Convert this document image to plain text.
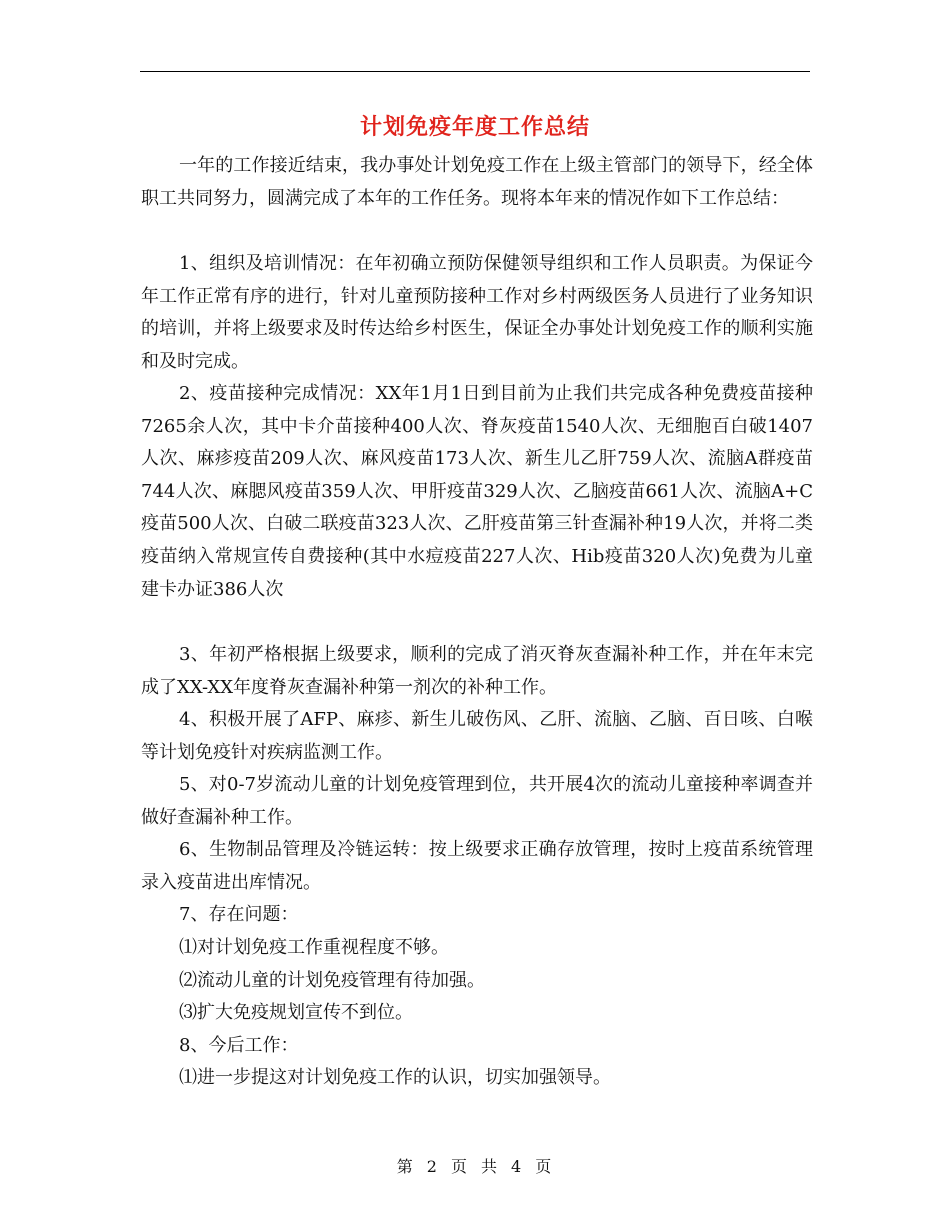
计划免疫年度工作总结

一年的工作接近结束，我办事处计划免疫工作在上级主管部门的领导下，经全体职工共同努力，圆满完成了本年的工作任务。现将本年来的情况作如下工作总结：

1、组织及培训情况：在年初确立预防保健领导组织和工作人员职责。为保证今年工作正常有序的进行，针对儿童预防接种工作对乡村两级医务人员进行了业务知识的培训，并将上级要求及时传达给乡村医生，保证全办事处计划免疫工作的顺利实施和及时完成。

2、疫苗接种完成情况：XX年1月1日到目前为止我们共完成各种免费疫苗接种7265余人次，其中卡介苗接种400人次、脊灰疫苗1540人次、无细胞百白破1407人次、麻疹疫苗209人次、麻风疫苗173人次、新生儿乙肝759人次、流脑A群疫苗744人次、麻腮风疫苗359人次、甲肝疫苗329人次、乙脑疫苗661人次、流脑A+C疫苗500人次、白破二联疫苗323人次、乙肝疫苗第三针查漏补种19人次，并将二类疫苗纳入常规宣传自费接种(其中水痘疫苗227人次、Hib疫苗320人次)免费为儿童建卡办证386人次

3、年初严格根据上级要求，顺利的完成了消灭脊灰查漏补种工作，并在年末完成了XX-XX年度脊灰查漏补种第一剂次的补种工作。

4、积极开展了AFP、麻疹、新生儿破伤风、乙肝、流脑、乙脑、百日咳、白喉等计划免疫针对疾病监测工作。

5、对0-7岁流动儿童的计划免疫管理到位，共开展4次的流动儿童接种率调查并做好查漏补种工作。

6、生物制品管理及冷链运转：按上级要求正确存放管理，按时上疫苗系统管理录入疫苗进出库情况。

7、存在问题：

⑴对计划免疫工作重视程度不够。

⑵流动儿童的计划免疫管理有待加强。

⑶扩大免疫规划宣传不到位。

8、今后工作：

⑴进一步提这对计划免疫工作的认识，切实加强领导。

第 2 页 共 4 页
